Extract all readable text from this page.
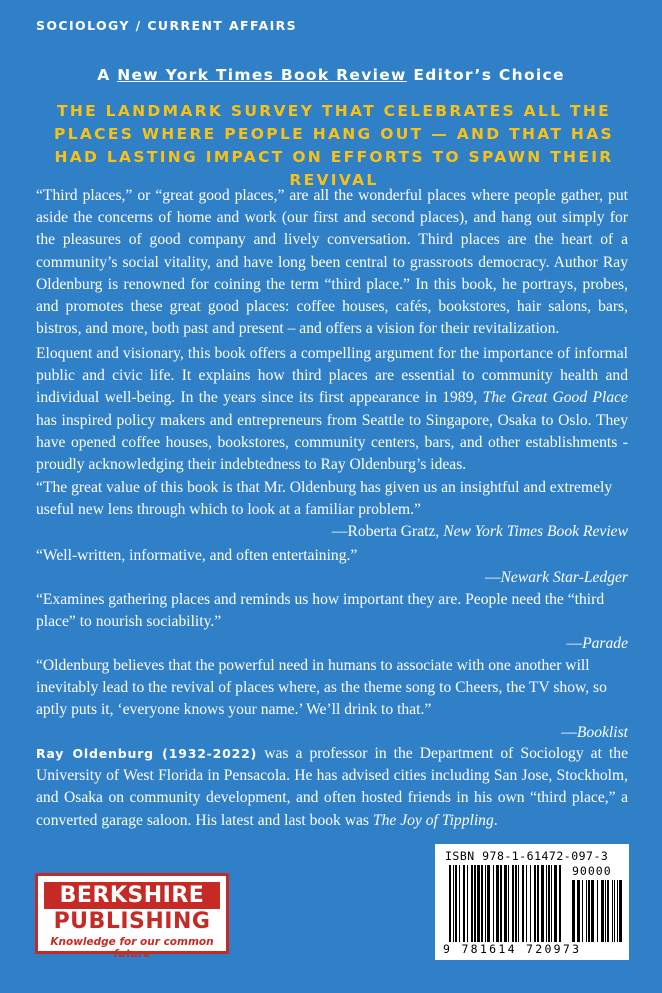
SOCIOLOGY / CURRENT AFFAIRS
A New York Times Book Review Editor’s Choice
THE LANDMARK SURVEY THAT CELEBRATES ALL THE PLACES WHERE PEOPLE HANG OUT — AND THAT HAS HAD LASTING IMPACT ON EFFORTS TO SPAWN THEIR REVIVAL
“Third places,” or “great good places,” are all the wonderful places where people gather, put aside the concerns of home and work (our first and second places), and hang out simply for the pleasures of good company and lively conversation. Third places are the heart of a community’s social vitality, and have long been central to grassroots democracy. Author Ray Oldenburg is renowned for coining the term “third place.” In this book, he portrays, probes, and promotes these great good places: coffee houses, cafés, bookstores, hair salons, bars, bistros, and more, both past and present – and offers a vision for their revitalization.
Eloquent and visionary, this book offers a compelling argument for the importance of informal public and civic life. It explains how third places are essential to community health and individual well-being. In the years since its first appearance in 1989, The Great Good Place has inspired policy makers and entrepreneurs from Seattle to Singapore, Osaka to Oslo. They have opened coffee houses, bookstores, community centers, bars, and other establishments - proudly acknowledging their indebtedness to Ray Oldenburg’s ideas.
“The great value of this book is that Mr. Oldenburg has given us an insightful and extremely useful new lens through which to look at a familiar problem.”
—Roberta Gratz, New York Times Book Review
“Well-written, informative, and often entertaining.”
—Newark Star-Ledger
“Examines gathering places and reminds us how important they are. People need the “third place” to nourish sociability.”
—Parade
“Oldenburg believes that the powerful need in humans to associate with one another will inevitably lead to the revival of places where, as the theme song to Cheers, the TV show, so aptly puts it, ‘everyone knows your name.’ We’ll drink to that.”
—Booklist
Ray Oldenburg (1932-2022) was a professor in the Department of Sociology at the University of West Florida in Pensacola. He has advised cities including San Jose, Stockholm, and Osaka on community development, and often hosted friends in his own “third place,” a converted garage saloon. His latest and last book was The Joy of Tippling.
BERKSHIRE
PUBLISHING
Knowledge for our common future
ISBN 978-1-61472-097-3
90000
9 781614 720973
